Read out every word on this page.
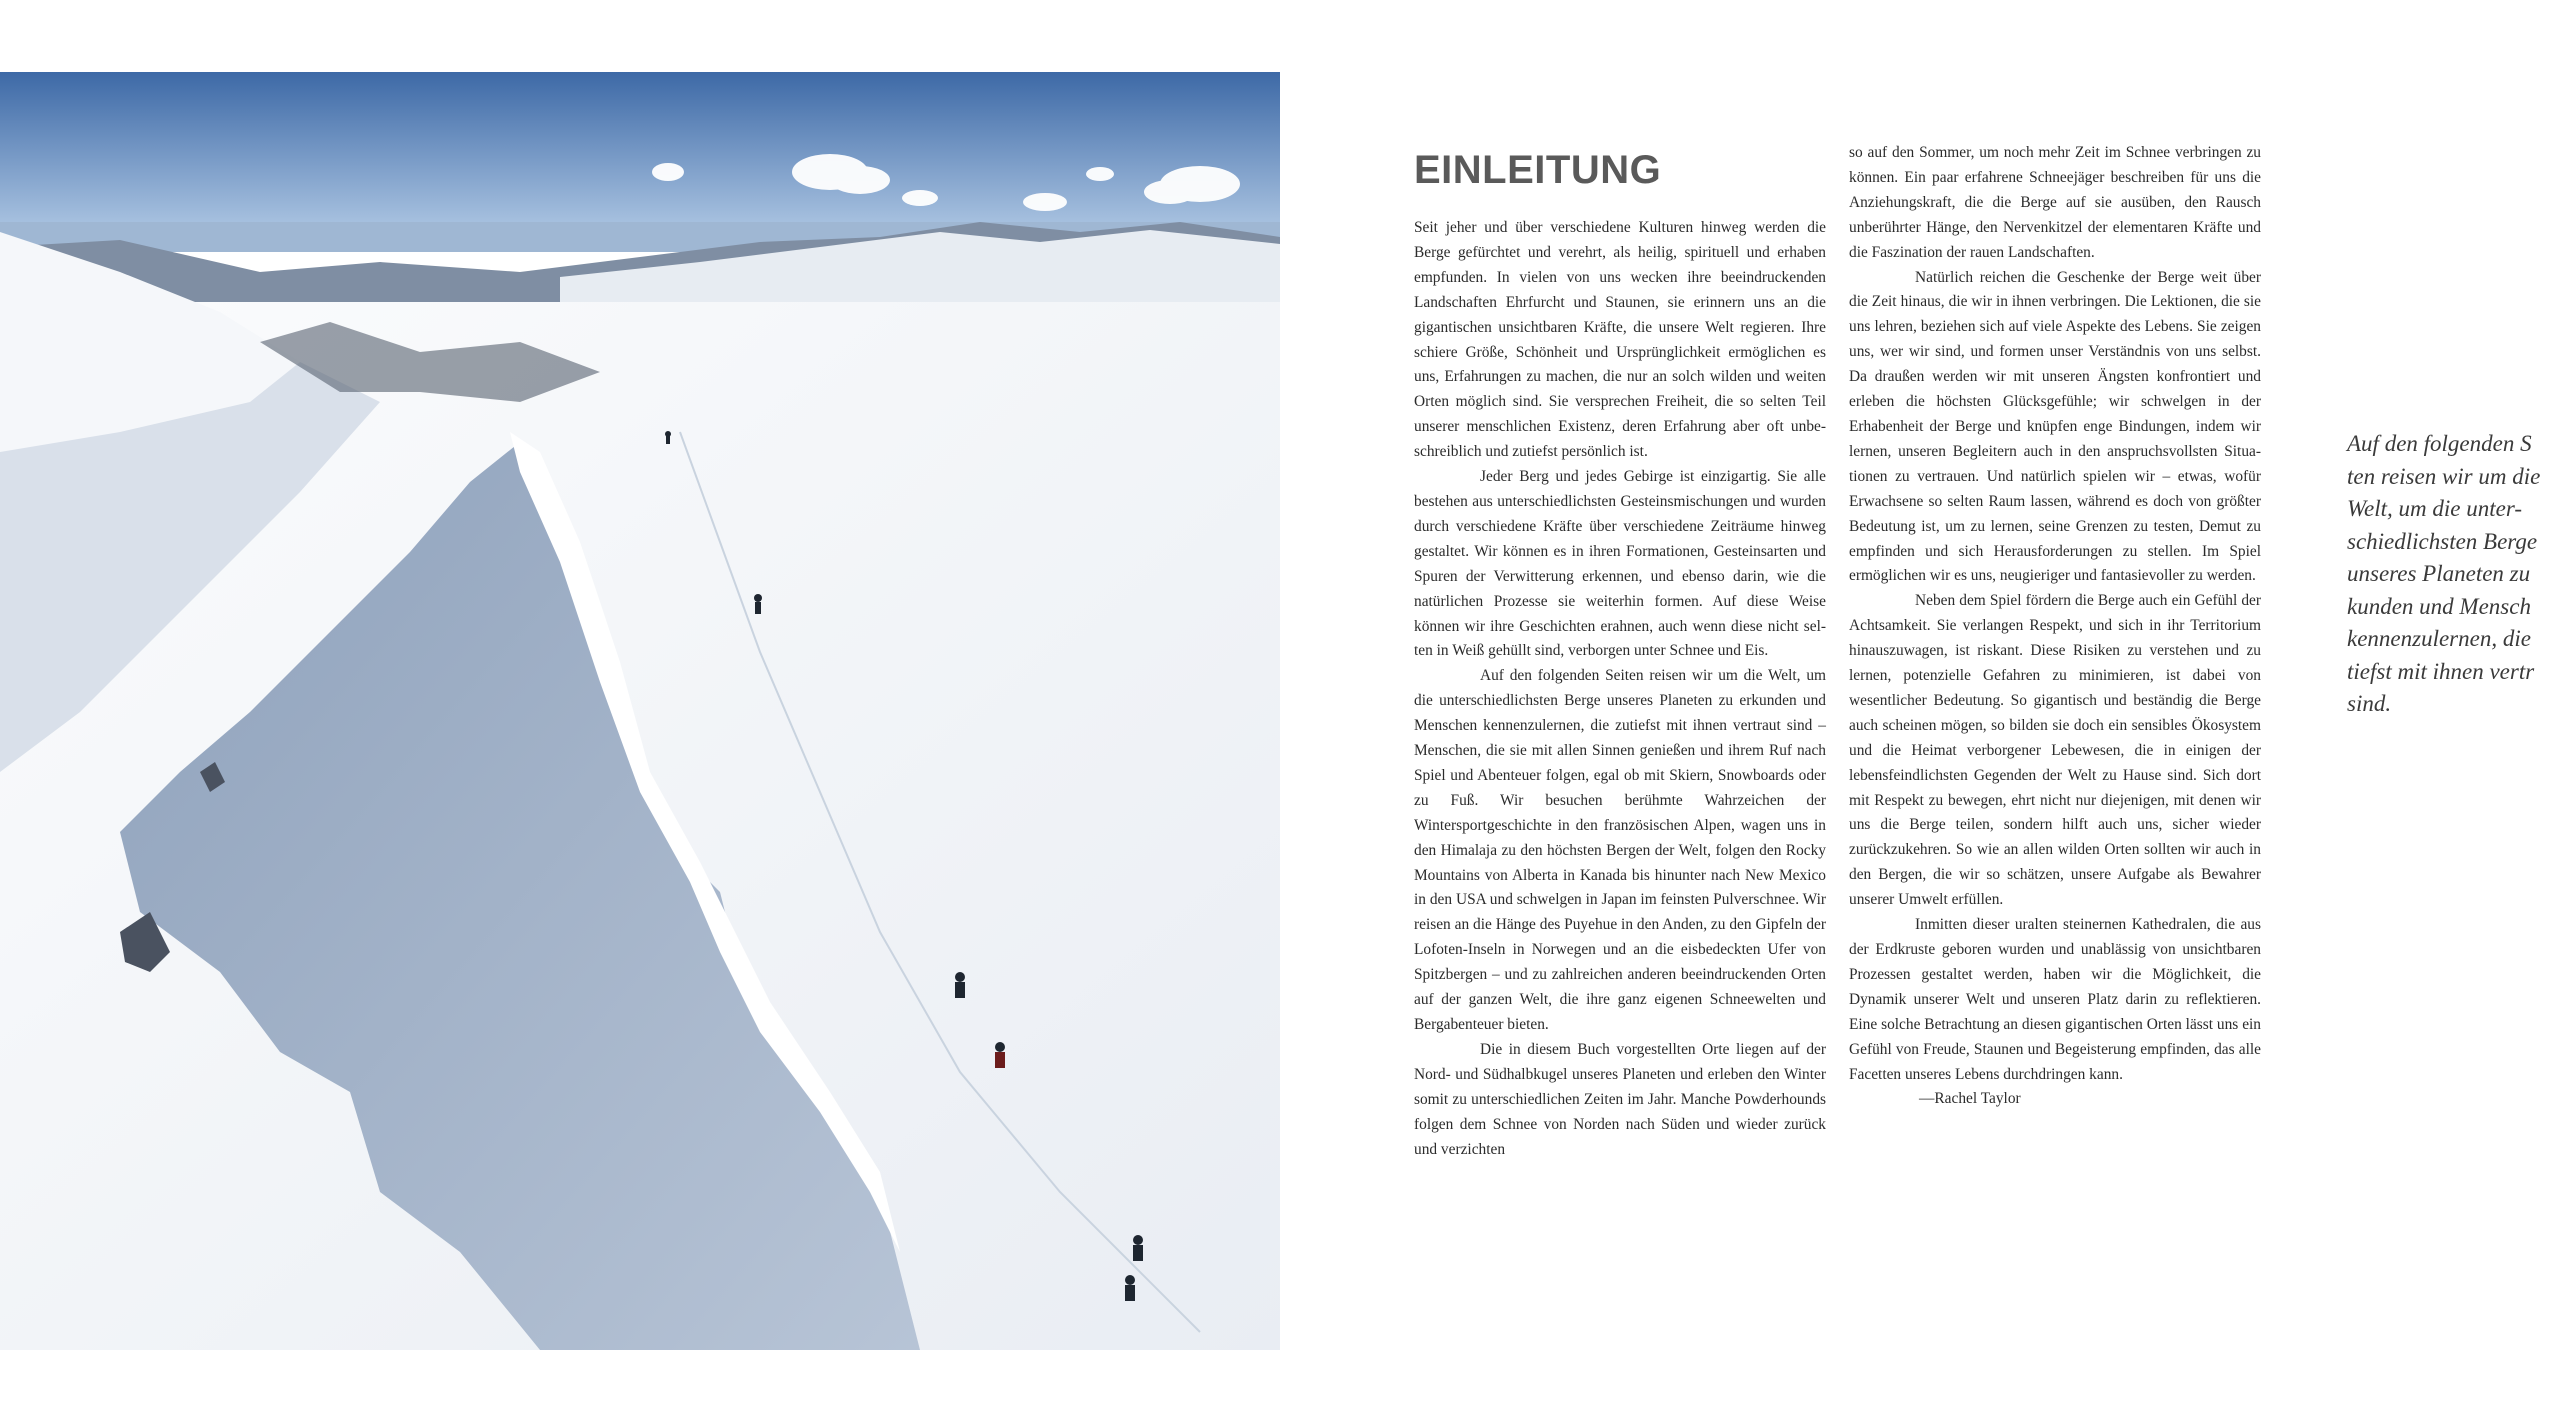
EINLEITUNG

Seit jeher und über verschiedene Kulturen hinweg werden die Berge gefürchtet und verehrt, als heilig, spirituell und erhaben empfunden. In vielen von uns wecken ihre beeindruckenden Landschaften Ehrfurcht und Staunen, sie erinnern uns an die gigantischen unsichtbaren Kräfte, die unsere Welt regieren. Ihre schiere Größe, Schönheit und Ursprünglichkeit ermöglichen es uns, Erfahrungen zu machen, die nur an solch wilden und weiten Orten möglich sind. Sie versprechen Freiheit, die so selten Teil unserer menschlichen Existenz, deren Erfahrung aber oft unbeschreiblich und zutiefst persönlich ist.

Jeder Berg und jedes Gebirge ist einzigartig. Sie alle bestehen aus unterschiedlichsten Gesteinsmischungen und wurden durch verschiedene Kräfte über verschiedene Zeiträume hinweg gestaltet. Wir können es in ihren Formationen, Gesteinsarten und Spuren der Verwitterung erkennen, und ebenso darin, wie die natürlichen Prozesse sie weiterhin formen. Auf diese Weise können wir ihre Geschichten erahnen, auch wenn diese nicht selten in Weiß gehüllt sind, verborgen unter Schnee und Eis.

Auf den folgenden Seiten reisen wir um die Welt, um die unterschiedlichsten Berge unseres Planeten zu erkunden und Menschen kennenzulernen, die zutiefst mit ihnen vertraut sind – Menschen, die sie mit allen Sinnen genießen und ihrem Ruf nach Spiel und Abenteuer folgen, egal ob mit Skiern, Snowboards oder zu Fuß. Wir besuchen berühmte Wahrzeichen der Wintersportgeschichte in den französischen Alpen, wagen uns in den Himalaja zu den höchsten Bergen der Welt, folgen den Rocky Mountains von Alberta in Kanada bis hinunter nach New Mexico in den USA und schwelgen in Japan im feinsten Pulverschnee. Wir reisen an die Hänge des Puyehue in den Anden, zu den Gipfeln der Lofoten-Inseln in Norwegen und an die eisbedeckten Ufer von Spitzbergen – und zu zahlreichen anderen beeindruckenden Orten auf der ganzen Welt, die ihre ganz eigenen Schneewelten und Bergabenteuer bieten.

Die in diesem Buch vorgestellten Orte liegen auf der Nord- und Südhalbkugel unseres Planeten und erleben den Winter somit zu unterschiedlichen Zeiten im Jahr. Manche Powderhounds folgen dem Schnee von Norden nach Süden und wieder zurück und verzichten

so auf den Sommer, um noch mehr Zeit im Schnee verbringen zu können. Ein paar erfahrene Schneejäger beschreiben für uns die Anziehungskraft, die die Berge auf sie ausüben, den Rausch unberührter Hänge, den Nervenkitzel der elementaren Kräfte und die Faszination der rauen Landschaften.

Natürlich reichen die Geschenke der Berge weit über die Zeit hinaus, die wir in ihnen verbringen. Die Lektionen, die sie uns lehren, beziehen sich auf viele Aspekte des Lebens. Sie zeigen uns, wer wir sind, und formen unser Verständnis von uns selbst. Da draußen werden wir mit unseren Ängsten konfrontiert und erleben die höchsten Glücksgefühle; wir schwelgen in der Erhabenheit der Berge und knüpfen enge Bindungen, indem wir lernen, unseren Begleitern auch in den anspruchsvollsten Situationen zu vertrauen. Und natürlich spielen wir – etwas, wofür Erwachsene so selten Raum lassen, während es doch von größter Bedeutung ist, um zu lernen, seine Grenzen zu testen, Demut zu empfinden und sich Herausforderungen zu stellen. Im Spiel ermöglichen wir es uns, neugieriger und fantasievoller zu werden.

Neben dem Spiel fördern die Berge auch ein Gefühl der Achtsamkeit. Sie verlangen Respekt, und sich in ihr Territorium hinauszuwagen, ist riskant. Diese Risiken zu verstehen und zu lernen, potenzielle Gefahren zu minimieren, ist dabei von wesentlicher Bedeutung. So gigantisch und beständig die Berge auch scheinen mögen, so bilden sie doch ein sensibles Ökosystem und die Heimat verborgener Lebewesen, die in einigen der lebensfeindlichsten Gegenden der Welt zu Hause sind. Sich dort mit Respekt zu bewegen, ehrt nicht nur diejenigen, mit denen wir uns die Berge teilen, sondern hilft auch uns, sicher wieder zurückzukehren. So wie an allen wilden Orten sollten wir auch in den Bergen, die wir so schätzen, unsere Aufgabe als Bewahrer unserer Umwelt erfüllen.

Inmitten dieser uralten steinernen Kathedralen, die aus der Erdkruste geboren wurden und unablässig von unsichtbaren Prozessen gestaltet werden, haben wir die Möglichkeit, die Dynamik unserer Welt und unseren Platz darin zu reflektieren. Eine solche Betrachtung an diesen gigantischen Orten lässt uns ein Gefühl von Freude, Staunen und Begeisterung empfinden, das alle Facetten unseres Lebens durchdringen kann.

—Rachel Taylor

Auf den folgenden S
ten reisen wir um die
Welt, um die unter-
schiedlichsten Berge
unseres Planeten zu
kunden und Mensch
kennenzulernen, die
tiefst mit ihnen vertr
sind.
